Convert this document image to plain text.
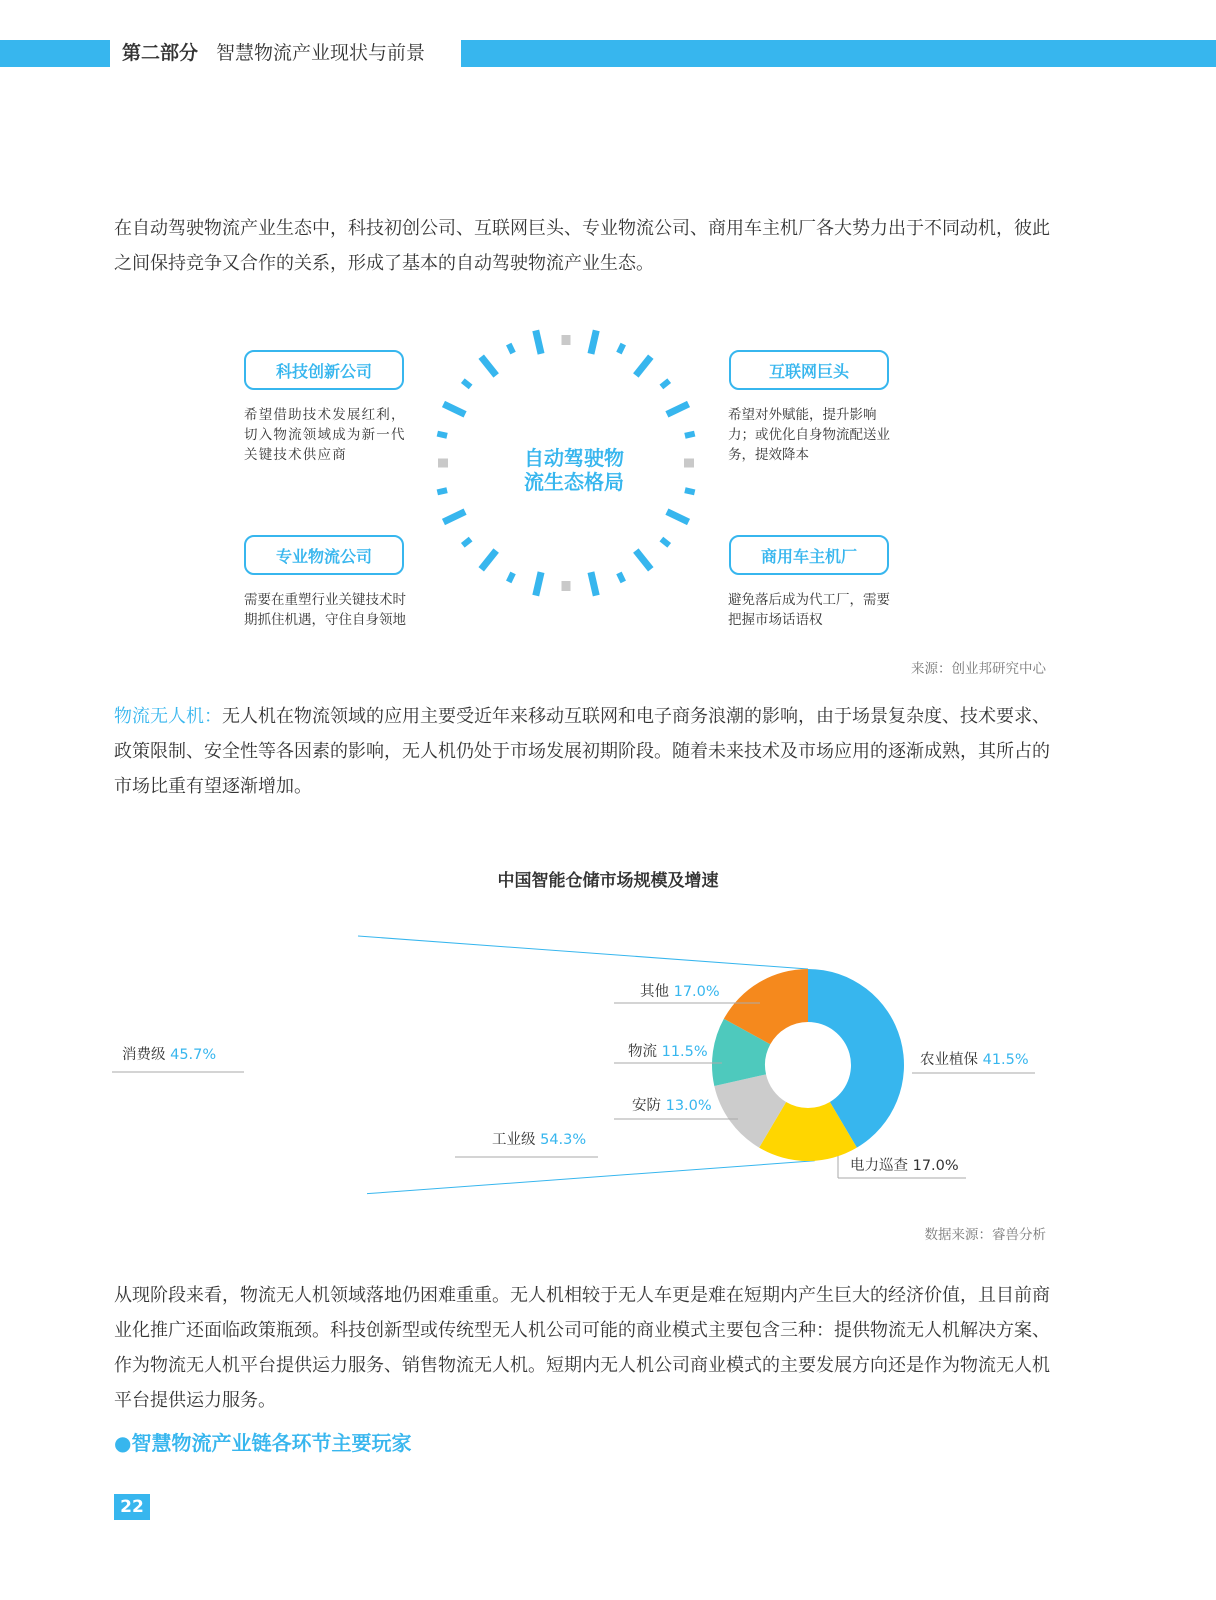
第二部分 智慧物流产业现状与前景

在自动驾驶物流产业生态中，科技初创公司、互联网巨头、专业物流公司、商用车主机厂各大势力出于不同动机，彼此之间保持竞争又合作的关系，形成了基本的自动驾驶物流产业生态。

科技创新公司
希望借助技术发展红利，切入物流领域成为新一代关键技术供应商
互联网巨头
希望对外赋能，提升影响力；或优化自身物流配送业务，提效降本
专业物流公司
需要在重塑行业关键技术时 期抓住机遇，守住自身领地
商用车主机厂
避免落后成为代工厂，需要把握市场话语权
自动驾驶物
流生态格局
来源：创业邦研究中心

物流无人机：无人机在物流领域的应用主要受近年来移动互联网和电子商务浪潮的影响，由于场景复杂度、技术要求、政策限制、安全性等各因素的影响，无人机仍处于市场发展初期阶段。随着未来技术及市场应用的逐渐成熟，其所占的市场比重有望逐渐增加。

中国智能仓储市场规模及增速
消费级 45.7%
工业级 54.3%
农业植保 41.5%
电力巡查 17.0%
安防 13.0%
物流 11.5%
其他 17.0%
数据来源：睿兽分析

从现阶段来看，物流无人机领域落地仍困难重重。无人机相较于无人车更是难在短期内产生巨大的经济价值，且目前商业化推广还面临政策瓶颈。科技创新型或传统型无人机公司可能的商业模式主要包含三种：提供物流无人机解决方案、作为物流无人机平台提供运力服务、销售物流无人机。短期内无人机公司商业模式的主要发展方向还是作为物流无人机平台提供运力服务。

●智慧物流产业链各环节主要玩家
22
